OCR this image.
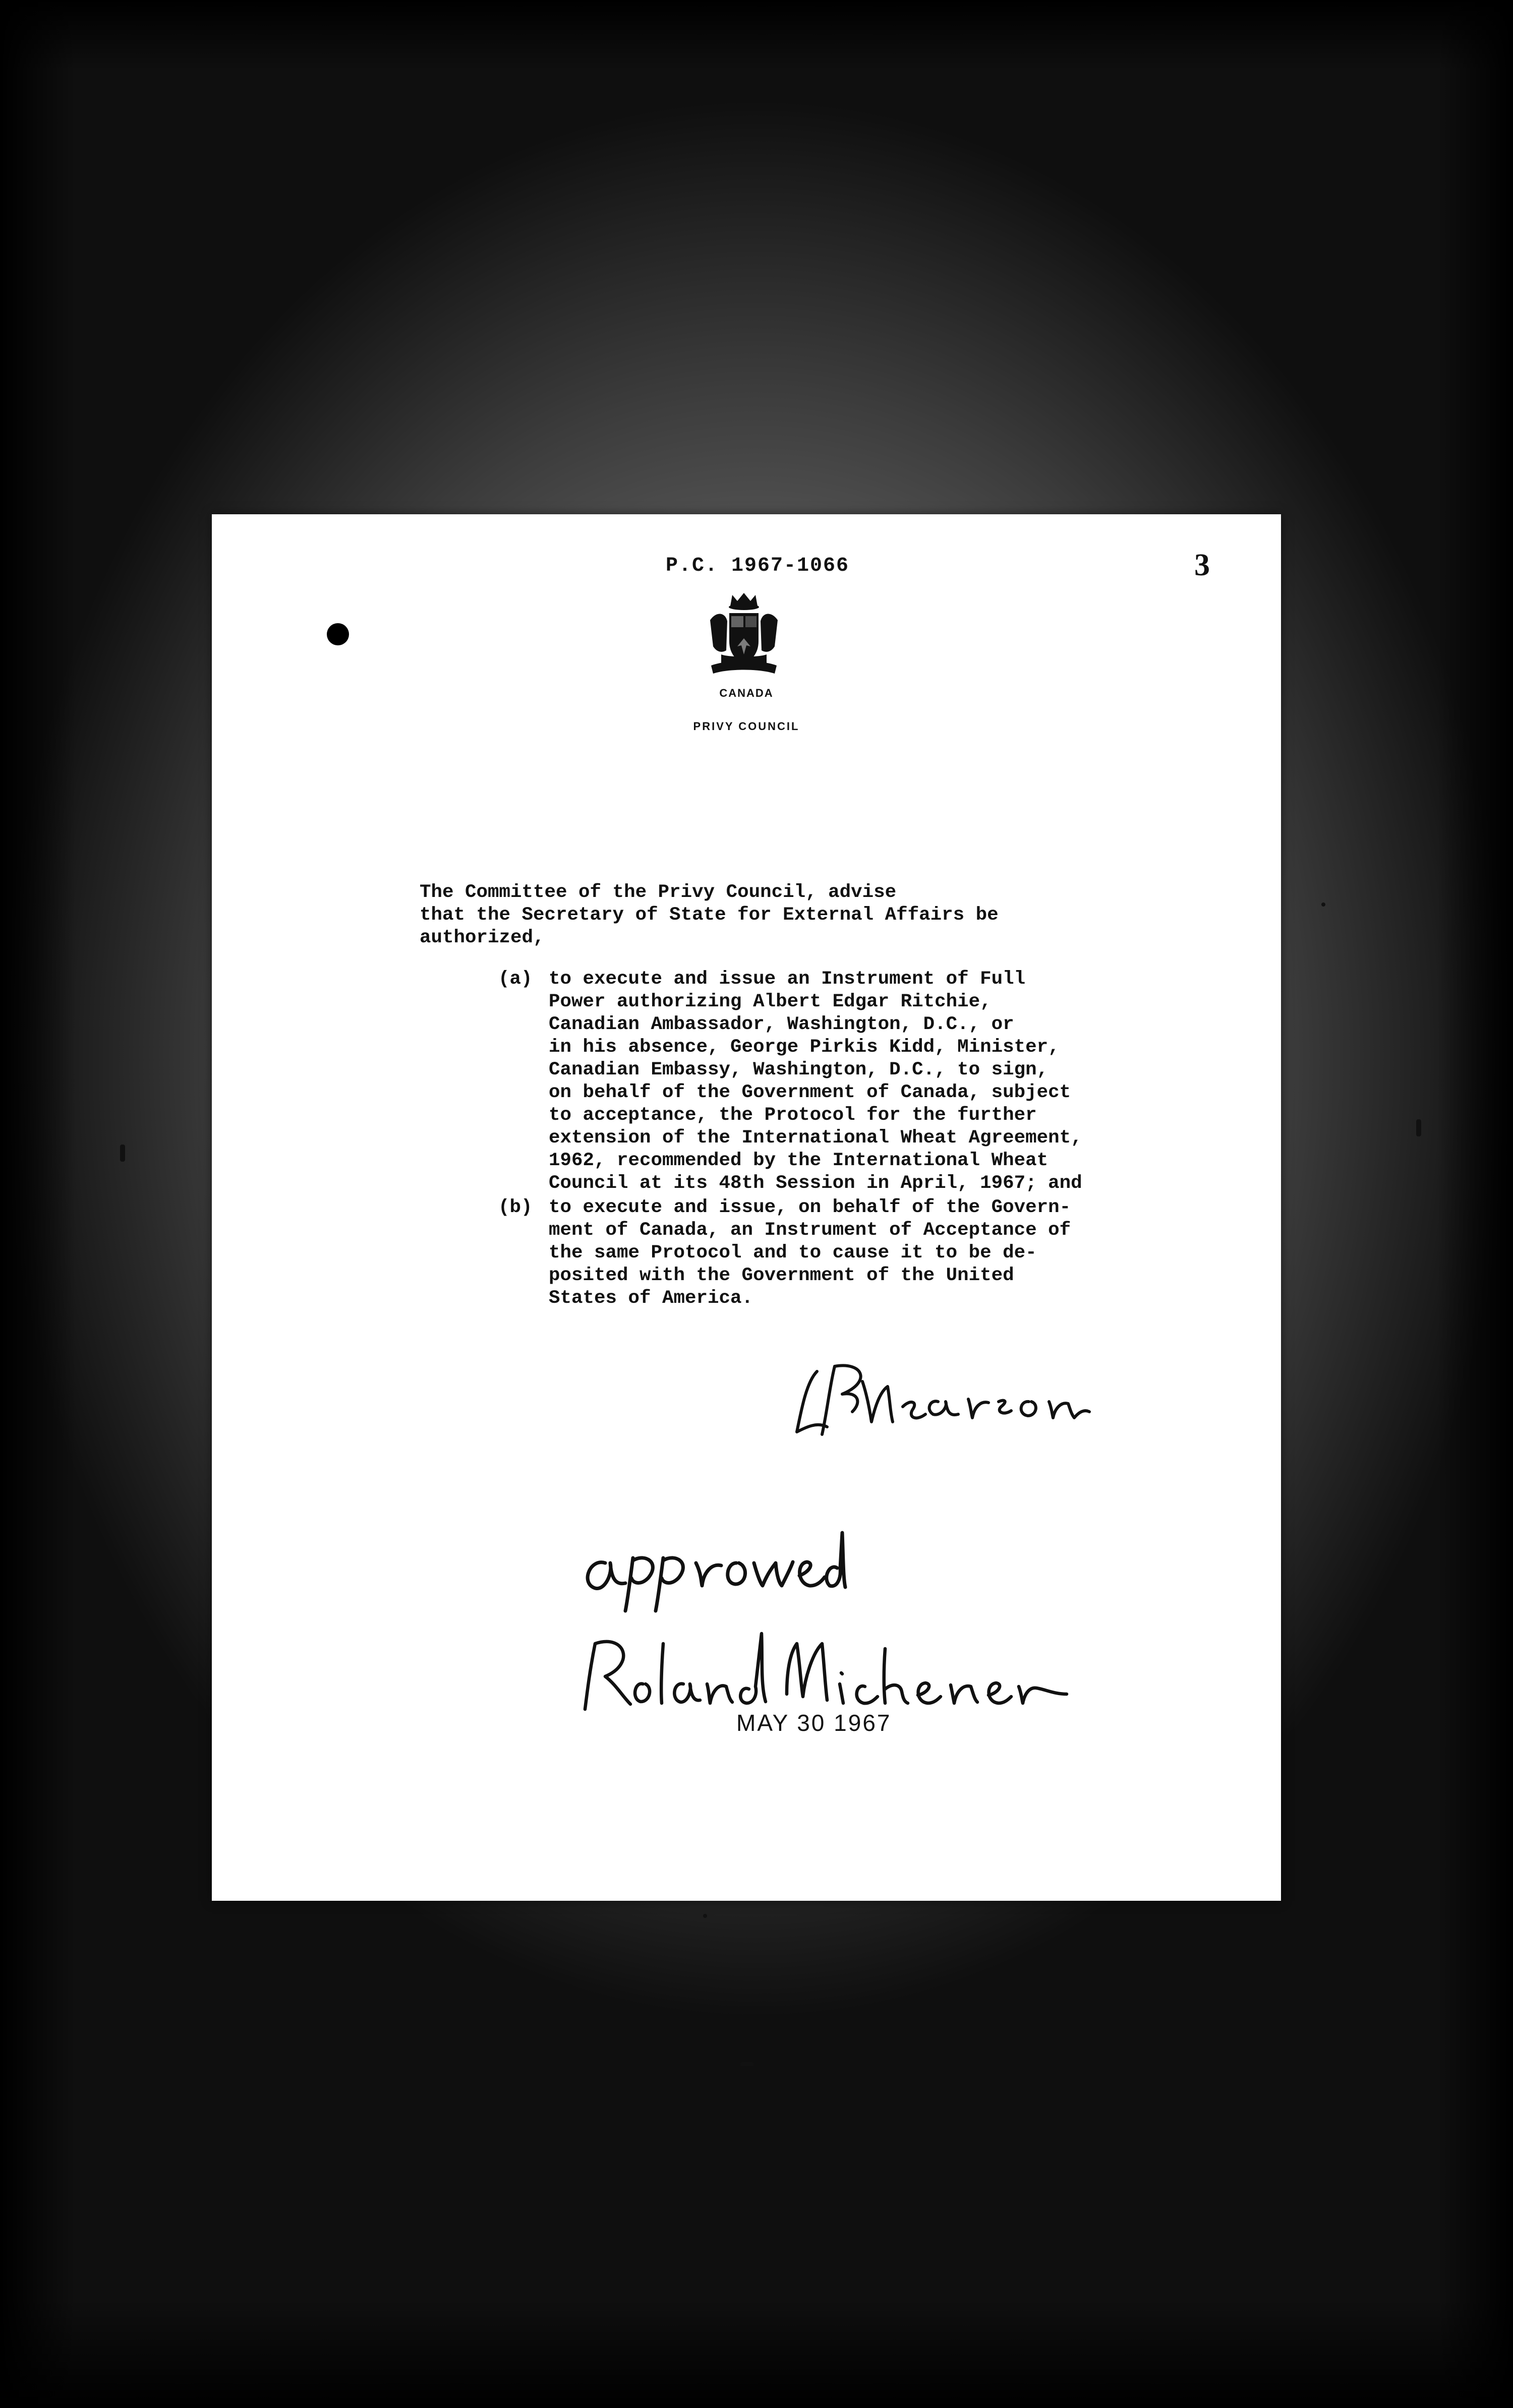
P.C. 1967-1066	3
CANADA
PRIVY COUNCIL

The Committee of the Privy Council, advise
that the Secretary of State for External Affairs be
authorized,

(a) to execute and issue an Instrument of Full
Power authorizing Albert Edgar Ritchie,
Canadian Ambassador, Washington, D.C., or
in his absence, George Pirkis Kidd, Minister,
Canadian Embassy, Washington, D.C., to sign,
on behalf of the Government of Canada, subject
to acceptance, the Protocol for the further
extension of the International Wheat Agreement,
1962, recommended by the International Wheat
Council at its 48th Session in April, 1967; and

(b) to execute and issue, on behalf of the Govern-
ment of Canada, an Instrument of Acceptance of
the same Protocol and to cause it to be de-
posited with the Government of the United
States of America.

MAY 30 1967
